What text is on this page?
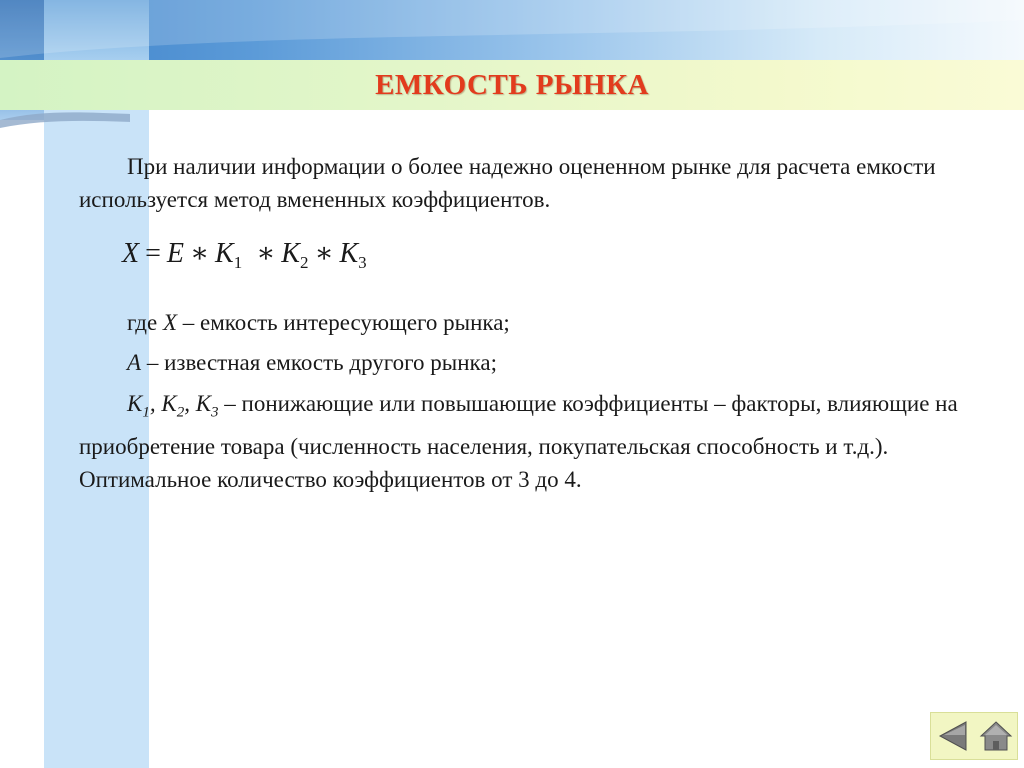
ЕМКОСТЬ РЫНКА

При наличии информации о более надежно оцененном рынке для расчета емкости используется метод вмененных коэффициентов.

X = E ∗ $K_1$ ∗ $K_2$ ∗ $K_3$

где X – емкость интересующего рынка;

A – известная емкость другого рынка;

$K_1$, $K_2$, $K_3$ – понижающие или повышающие коэффициенты – факторы, влияющие на приобретение товара (численность населения, покупательская способность и т.д.). Оптимальное количество коэффициентов от 3 до 4.
